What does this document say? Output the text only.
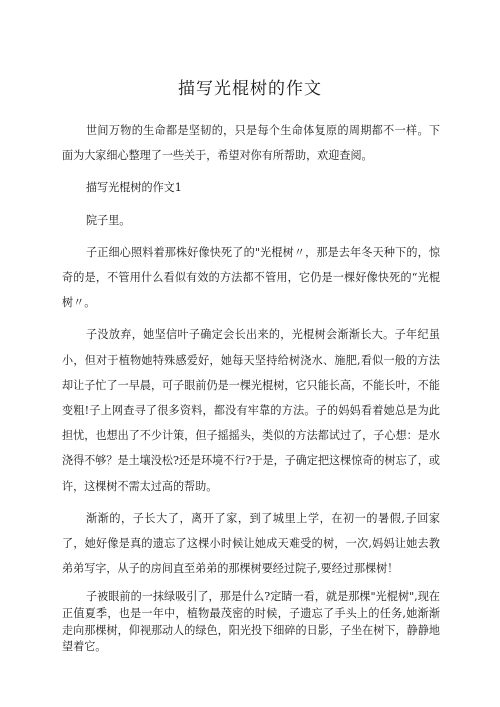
描写光棍树的作文

世间万物的生命都是坚韧的，只是每个生命体复原的周期都不一样。下面为大家细心整理了一些关于，希望对你有所帮助，欢迎查阅。

描写光棍树的作文1

院子里。

子正细心照料着那株好像快死了的"光棍树〃，那是去年冬天种下的，惊奇的是，不管用什么看似有效的方法都不管用，它仍是一棵好像快死的“光棍树〃。

子没放弃，她坚信叶子确定会长出来的，光棍树会渐渐长大。子年纪虽小，但对于植物她特殊感爱好，她每天坚持给树浇水、施肥,看似一般的方法却让子忙了一早晨，可子眼前仍是一棵光棍树，它只能长高，不能长叶，不能变粗!子上网查寻了很多资料，都没有牢靠的方法。子的妈妈看着她总是为此担忧，也想出了不少计策，但子摇摇头，类似的方法都试过了，子心想：是水浇得不够？是土壤没松?还是环境不行?于是，子确定把这棵惊奇的树忘了，或许，这棵树不需太过高的帮助。

渐渐的，子长大了，离开了家，到了城里上学，在初一的暑假,子回家了，她好像是真的遗忘了这棵小时候让她成天难受的树，一次,妈妈让她去教弟弟写字，从子的房间直至弟弟的那棵树要经过院子,要经过那棵树！

子被眼前的一抹绿吸引了，那是什么?定睛一看，就是那棵"光棍树",现在正值夏季，也是一年中，植物最茂密的时候，子遗忘了手头上的任务,她渐渐走向那棵树，仰视那动人的绿色，阳光投下细碎的日影，子坐在树下，静静地望着它。
